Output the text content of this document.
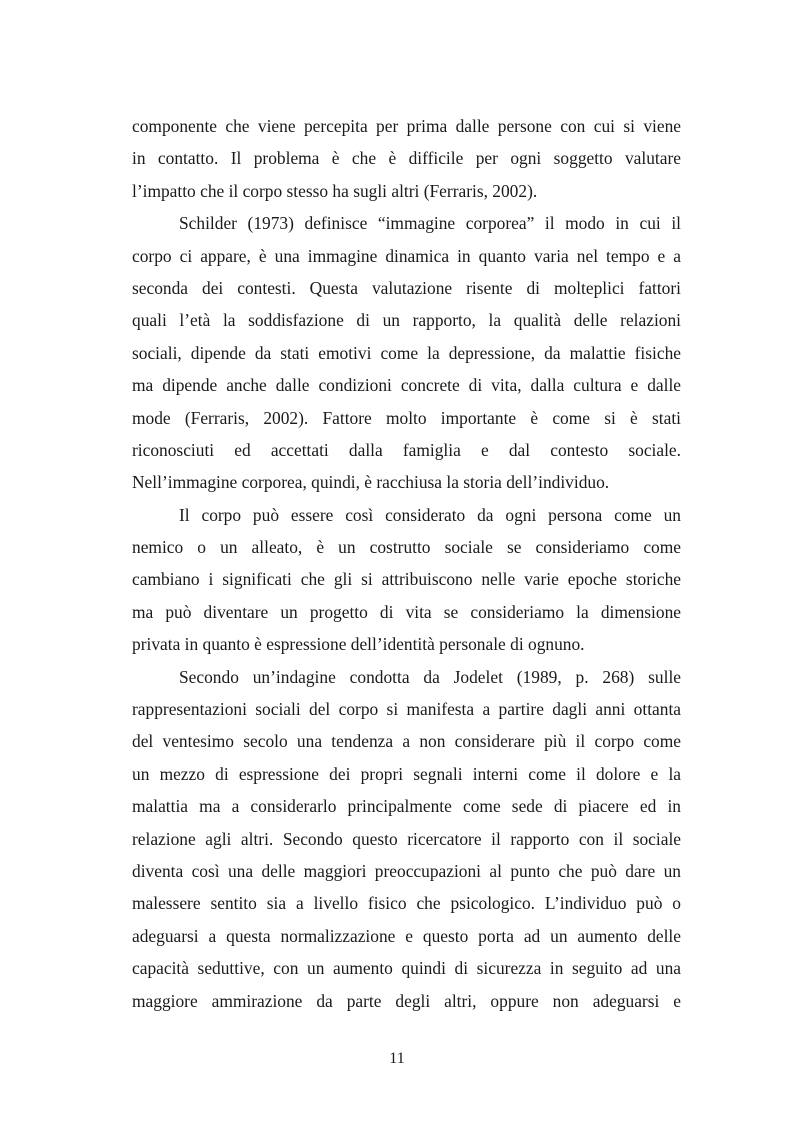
componente che viene percepita per prima dalle persone con cui si viene
in contatto. Il problema è che è difficile per ogni soggetto valutare
l’impatto che il corpo stesso ha sugli altri (Ferraris, 2002).

Schilder (1973) definisce “immagine corporea” il modo in cui il
corpo ci appare, è una immagine dinamica in quanto varia nel tempo e a
seconda dei contesti. Questa valutazione risente di molteplici fattori
quali l’età la soddisfazione di un rapporto, la qualità delle relazioni
sociali, dipende da stati emotivi come la depressione, da malattie fisiche
ma dipende anche dalle condizioni concrete di vita, dalla cultura e dalle
mode (Ferraris, 2002). Fattore molto importante è come si è stati
riconosciuti ed accettati dalla famiglia e dal contesto sociale.
Nell’immagine corporea, quindi, è racchiusa la storia dell’individuo.

Il corpo può essere così considerato da ogni persona come un
nemico o un alleato, è un costrutto sociale se consideriamo come
cambiano i significati che gli si attribuiscono nelle varie epoche storiche
ma può diventare un progetto di vita se consideriamo la dimensione
privata in quanto è espressione dell’identità personale di ognuno.

Secondo un’indagine condotta da Jodelet (1989, p. 268) sulle
rappresentazioni sociali del corpo si manifesta a partire dagli anni ottanta
del ventesimo secolo una tendenza a non considerare più il corpo come
un mezzo di espressione dei propri segnali interni come il dolore e la
malattia ma a considerarlo principalmente come sede di piacere ed in
relazione agli altri. Secondo questo ricercatore il rapporto con il sociale
diventa così una delle maggiori preoccupazioni al punto che può dare un
malessere sentito sia a livello fisico che psicologico. L’individuo può o
adeguarsi a questa normalizzazione e questo porta ad un aumento delle
capacità seduttive, con un aumento quindi di sicurezza in seguito ad una
maggiore ammirazione da parte degli altri, oppure non adeguarsi e

11
